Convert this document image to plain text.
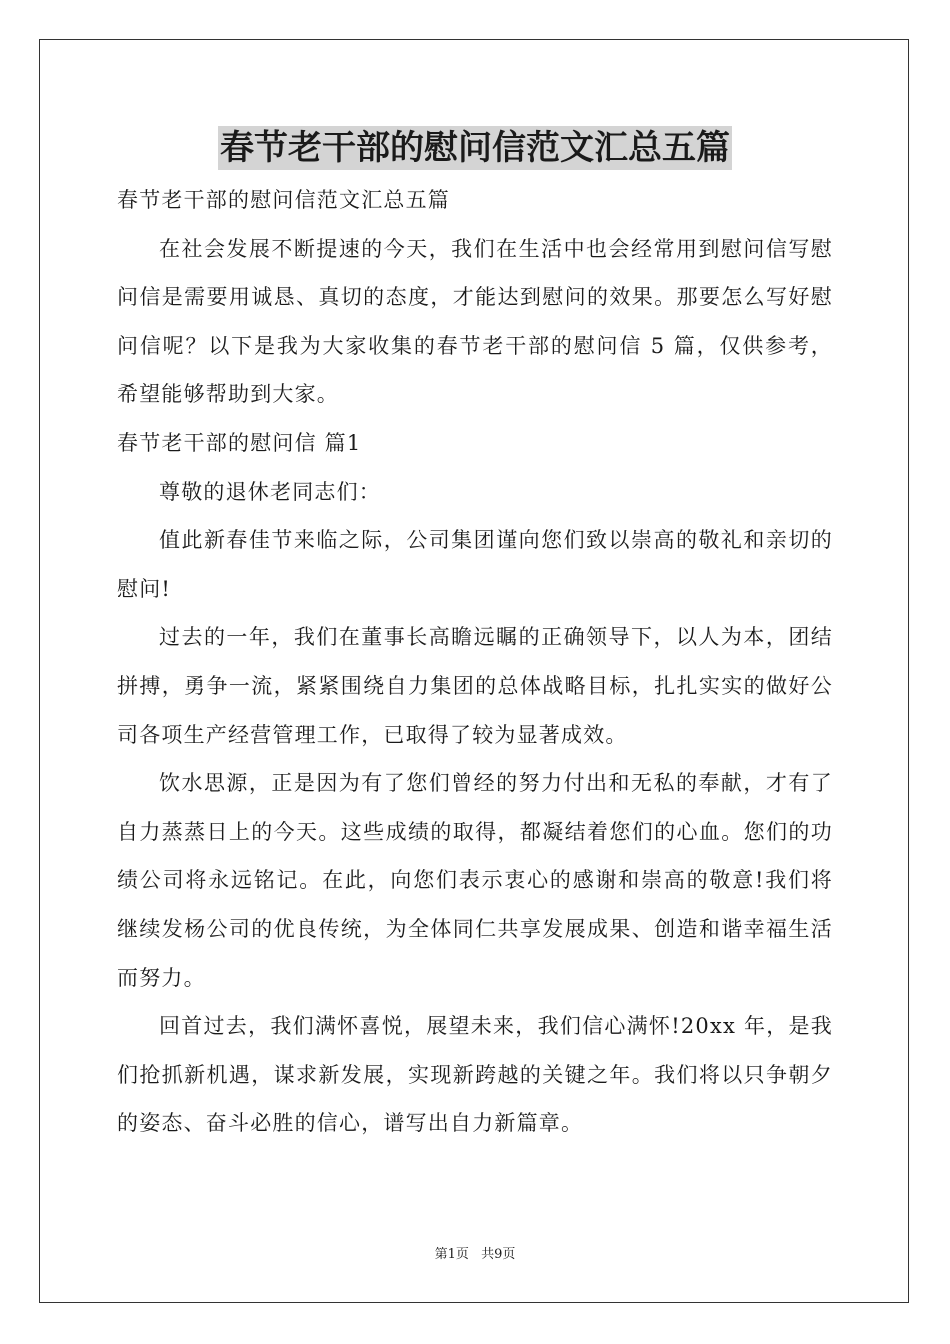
春节老干部的慰问信范文汇总五篇

春节老干部的慰问信范文汇总五篇

在社会发展不断提速的今天，我们在生活中也会经常用到慰问信写慰问信是需要用诚恳、真切的态度，才能达到慰问的效果。那要怎么写好慰问信呢？以下是我为大家收集的春节老干部的慰问信 5 篇，仅供参考，希望能够帮助到大家。

春节老干部的慰问信 篇1

尊敬的退休老同志们：

值此新春佳节来临之际，公司集团谨向您们致以崇高的敬礼和亲切的慰问!

过去的一年，我们在董事长高瞻远瞩的正确领导下，以人为本，团结拼搏，勇争一流，紧紧围绕自力集团的总体战略目标，扎扎实实的做好公司各项生产经营管理工作，已取得了较为显著成效。

饮水思源，正是因为有了您们曾经的努力付出和无私的奉献，才有了自力蒸蒸日上的今天。这些成绩的取得，都凝结着您们的心血。您们的功绩公司将永远铭记。在此，向您们表示衷心的感谢和崇高的敬意!我们将继续发杨公司的优良传统，为全体同仁共享发展成果、创造和谐幸福生活而努力。

回首过去，我们满怀喜悦，展望未来，我们信心满怀!20xx 年，是我们抢抓新机遇，谋求新发展，实现新跨越的关键之年。我们将以只争朝夕的姿态、奋斗必胜的信心，谱写出自力新篇章。

第1页 共9页
